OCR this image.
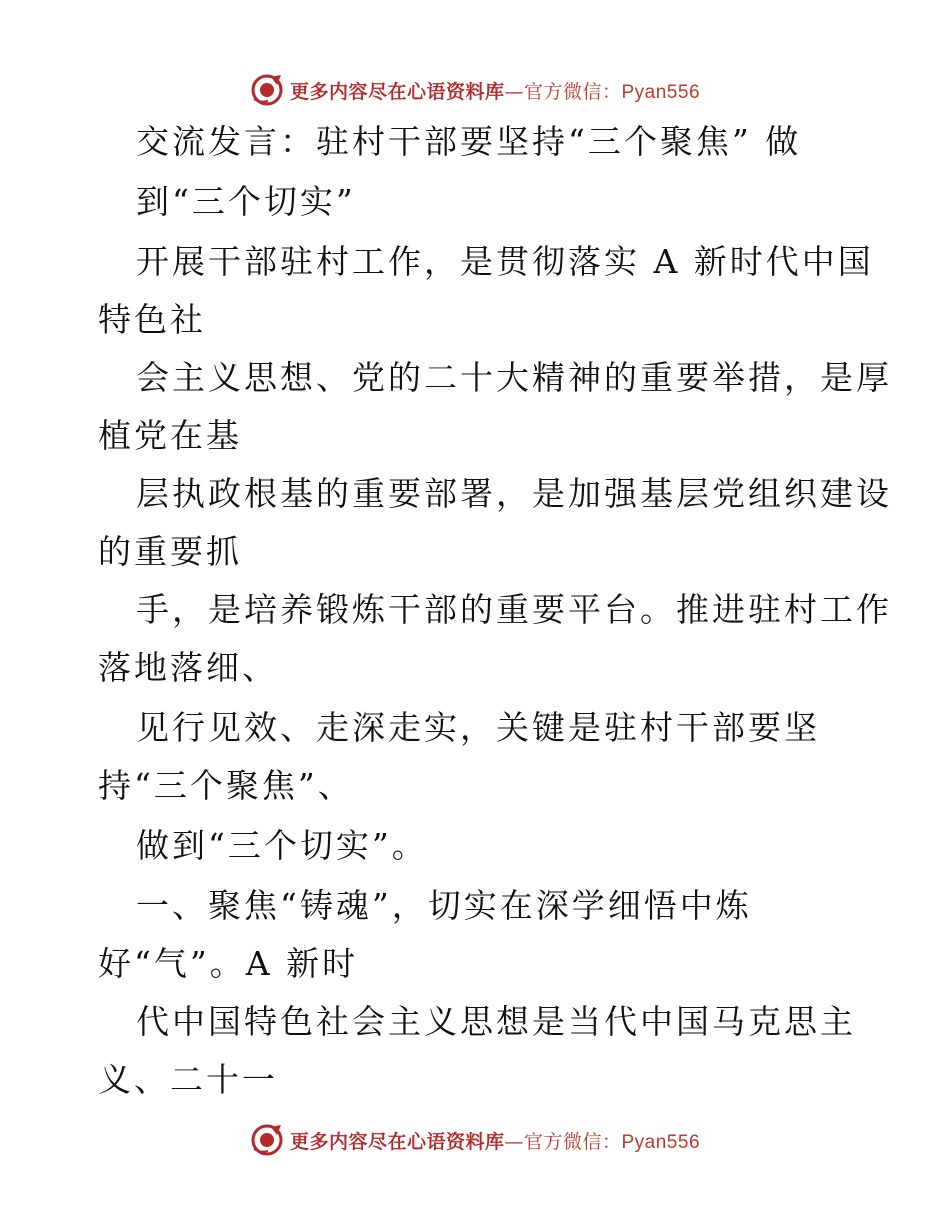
更多内容尽在心语资料库—官方微信：Pyan556
交流发言：驻村干部要坚持“三个聚焦” 做
到“三个切实”
开展干部驻村工作，是贯彻落实 A 新时代中国
特色社
会主义思想、党的二十大精神的重要举措，是厚
植党在基
层执政根基的重要部署，是加强基层党组织建设
的重要抓
手，是培养锻炼干部的重要平台。推进驻村工作
落地落细、
见行见效、走深走实，关键是驻村干部要坚
持“三个聚焦”、
做到“三个切实”。
一、聚焦“铸魂”，切实在深学细悟中炼
好“气”。A 新时
代中国特色社会主义思想是当代中国马克思主
义、二十一
更多内容尽在心语资料库—官方微信：Pyan556
